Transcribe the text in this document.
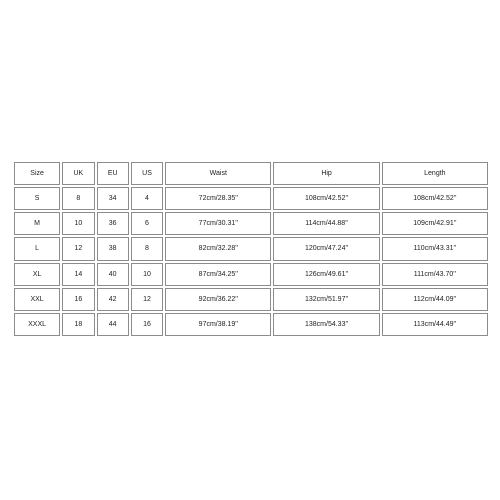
Size	UK	EU	US	Waist	Hip	Length
S	8	34	4	72cm/28.35''	108cm/42.52''	108cm/42.52''
M	10	36	6	77cm/30.31''	114cm/44.88''	109cm/42.91''
L	12	38	8	82cm/32.28''	120cm/47.24''	110cm/43.31''
XL	14	40	10	87cm/34.25''	126cm/49.61''	111cm/43.70''
XXL	16	42	12	92cm/36.22''	132cm/51.97''	112cm/44.09''
XXXL	18	44	16	97cm/38.19''	138cm/54.33''	113cm/44.49''
